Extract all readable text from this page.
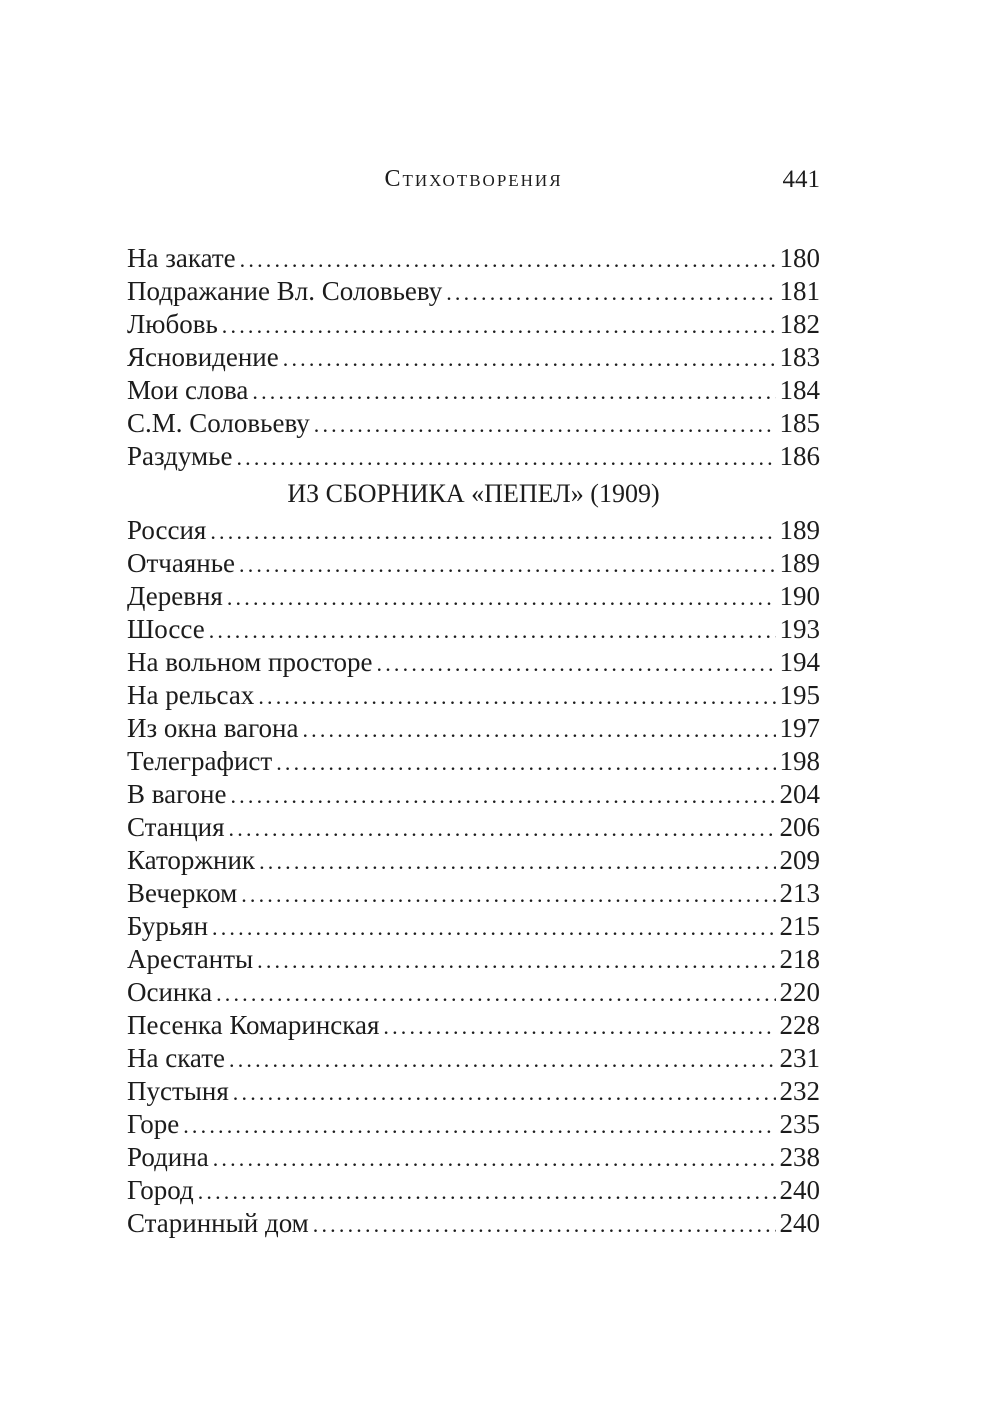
Стихотворения	441
На закате .....	180
Подражание Вл. Соловьеву .....	181
Любовь .....	182
Ясновидение .....	183
Мои слова .....	184
С.М. Соловьеву .....	185
Раздумье .....	186
ИЗ СБОРНИКА «ПЕПЕЛ» (1909)
Россия .....	189
Отчаянье .....	189
Деревня .....	190
Шоссе .....	193
На вольном просторе .....	194
На рельсах .....	195
Из окна вагона .....	197
Телеграфист .....	198
В вагоне .....	204
Станция .....	206
Каторжник .....	209
Вечерком .....	213
Бурьян .....	215
Арестанты .....	218
Осинка .....	220
Песенка Комаринская .....	228
На скате .....	231
Пустыня .....	232
Горе .....	235
Родина .....	238
Город .....	240
Старинный дом .....	240
